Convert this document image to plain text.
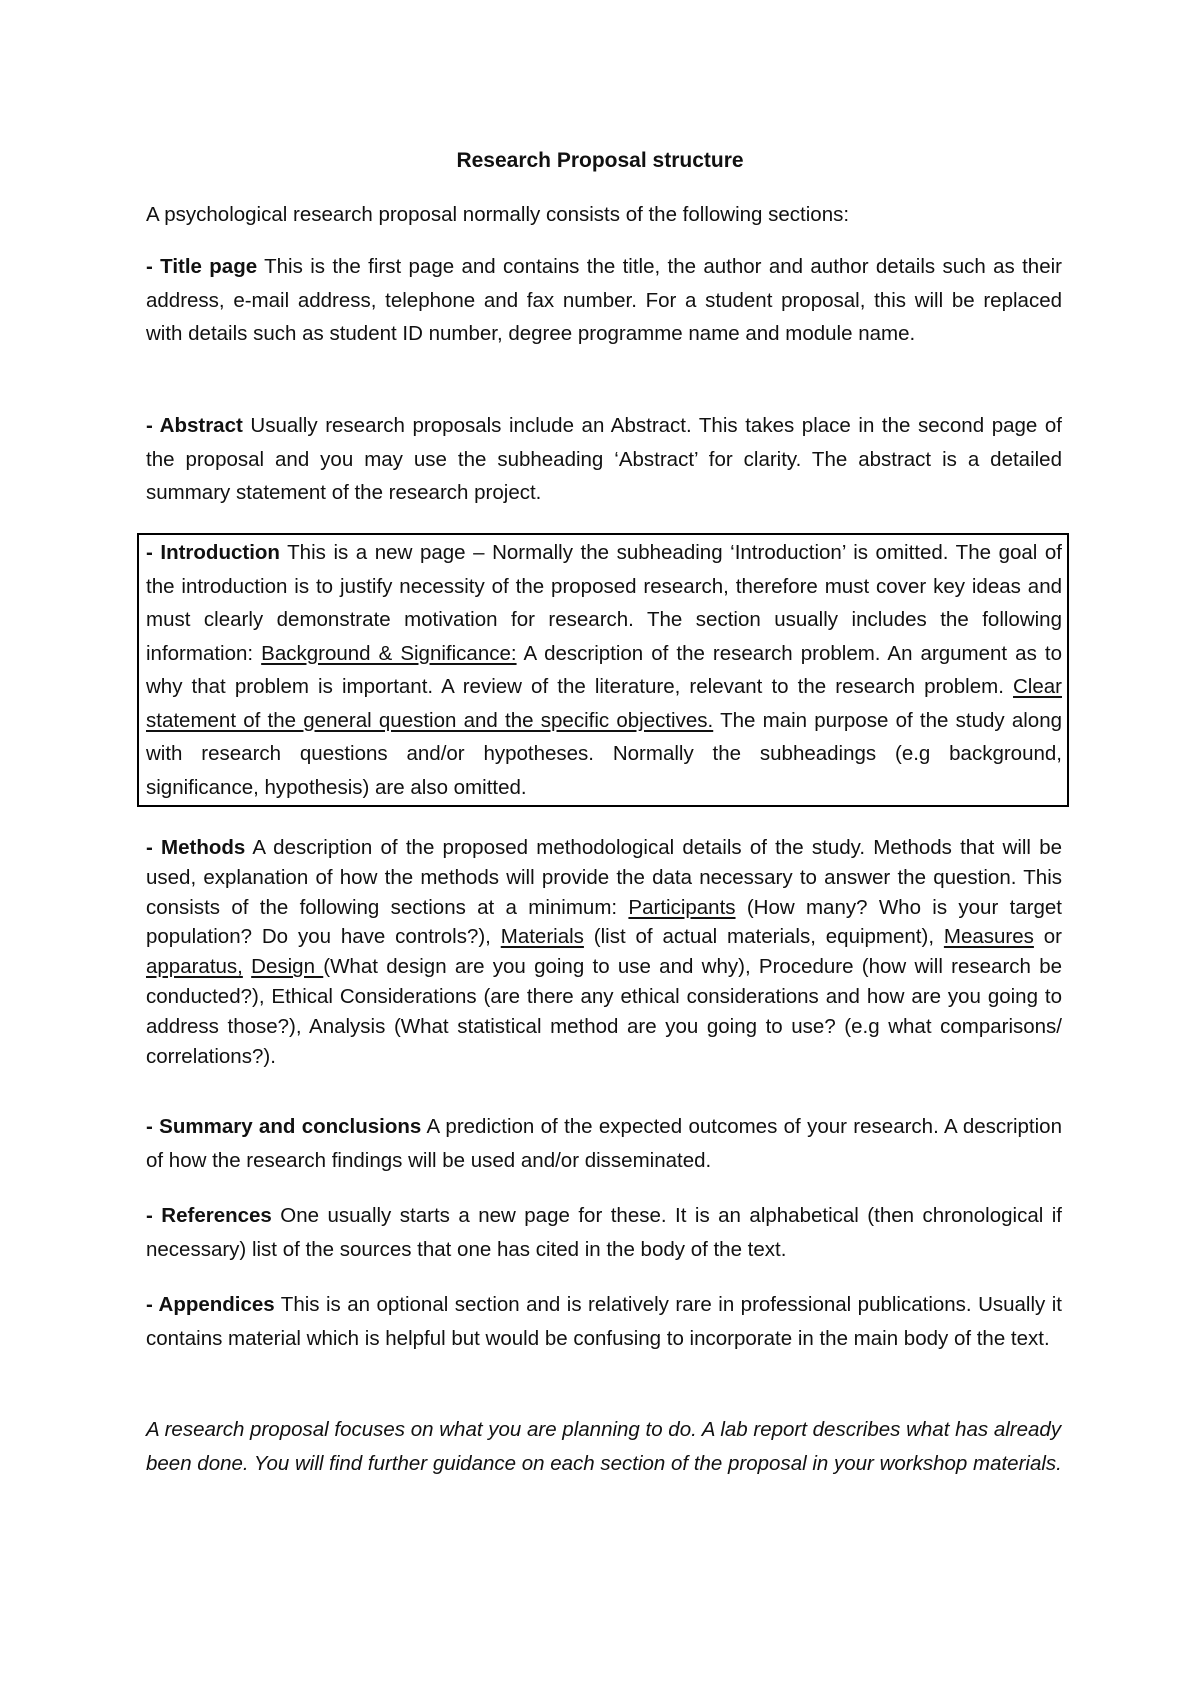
Research Proposal structure
A psychological research proposal normally consists of the following sections:
- Title page This is the first page and contains the title, the author and author details such as their address, e-mail address, telephone and fax number. For a student proposal, this will be replaced with details such as student ID number, degree programme name and module name.
- Abstract Usually research proposals include an Abstract. This takes place in the second page of the proposal and you may use the subheading ‘Abstract’ for clarity. The abstract is a detailed summary statement of the research project.
- Introduction This is a new page – Normally the subheading ‘Introduction’ is omitted. The goal of the introduction is to justify necessity of the proposed research, therefore must cover key ideas and must clearly demonstrate motivation for research. The section usually includes the following information: Background & Significance: A description of the research problem. An argument as to why that problem is important. A review of the literature, relevant to the research problem. Clear statement of the general question and the specific objectives. The main purpose of the study along with research questions and/or hypotheses. Normally the subheadings (e.g background, significance, hypothesis) are also omitted.
- Methods A description of the proposed methodological details of the study. Methods that will be used, explanation of how the methods will provide the data necessary to answer the question. This consists of the following sections at a minimum: Participants (How many? Who is your target population? Do you have controls?), Materials (list of actual materials, equipment), Measures or apparatus, Design (What design are you going to use and why), Procedure (how will research be conducted?), Ethical Considerations (are there any ethical considerations and how are you going to address those?), Analysis (What statistical method are you going to use? (e.g what comparisons/ correlations?).
- Summary and conclusions A prediction of the expected outcomes of your research. A description of how the research findings will be used and/or disseminated.
- References One usually starts a new page for these. It is an alphabetical (then chronological if necessary) list of the sources that one has cited in the body of the text.
- Appendices This is an optional section and is relatively rare in professional publications. Usually it contains material which is helpful but would be confusing to incorporate in the main body of the text.
A research proposal focuses on what you are planning to do. A lab report describes what has already been done. You will find further guidance on each section of the proposal in your workshop materials.
